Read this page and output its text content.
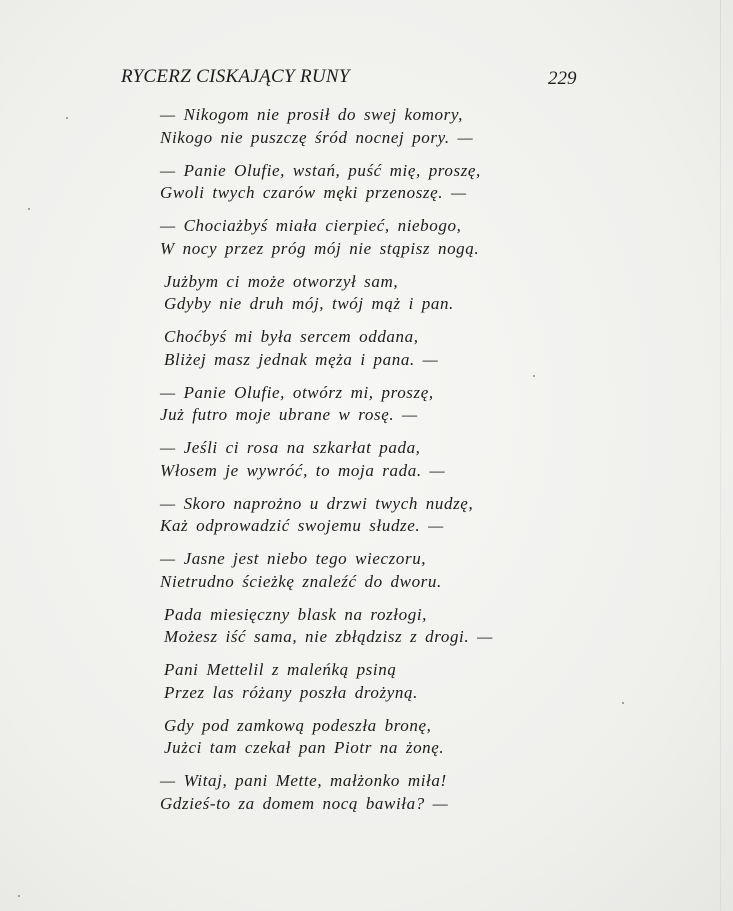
RYCERZ CISKAJĄCY RUNY	229
— Nikogom nie prosił do swej komory,
Nikogo nie puszczę śród nocnej pory. —
— Panie Olufie, wstań, puść mię, proszę,
Gwoli twych czarów męki przenoszę. —
— Chociażbyś miała cierpieć, niebogo,
W nocy przez próg mój nie stąpisz nogą.
Jużbym ci może otworzył sam,
Gdyby nie druh mój, twój mąż i pan.
Choćbyś mi była sercem oddana,
Bliżej masz jednak męża i pana. —
— Panie Olufie, otwórz mi, proszę,
Już futro moje ubrane w rosę. —
— Jeśli ci rosa na szkarłat pada,
Włosem je wywróć, to moja rada. —
— Skoro naprożno u drzwi twych nudzę,
Każ odprowadzić swojemu słudze. —
— Jasne jest niebo tego wieczoru,
Nietrudno ścieżkę znaleźć do dworu.
Pada miesięczny blask na rozłogi,
Możesz iść sama, nie zbłądzisz z drogi. —
Pani Mettelil z maleńką psiną
Przez las różany poszła drożyną.
Gdy pod zamkową podeszła bronę,
Jużci tam czekał pan Piotr na żonę.
— Witaj, pani Mette, małżonko miła!
Gdzieś-to za domem nocą bawiła? —
